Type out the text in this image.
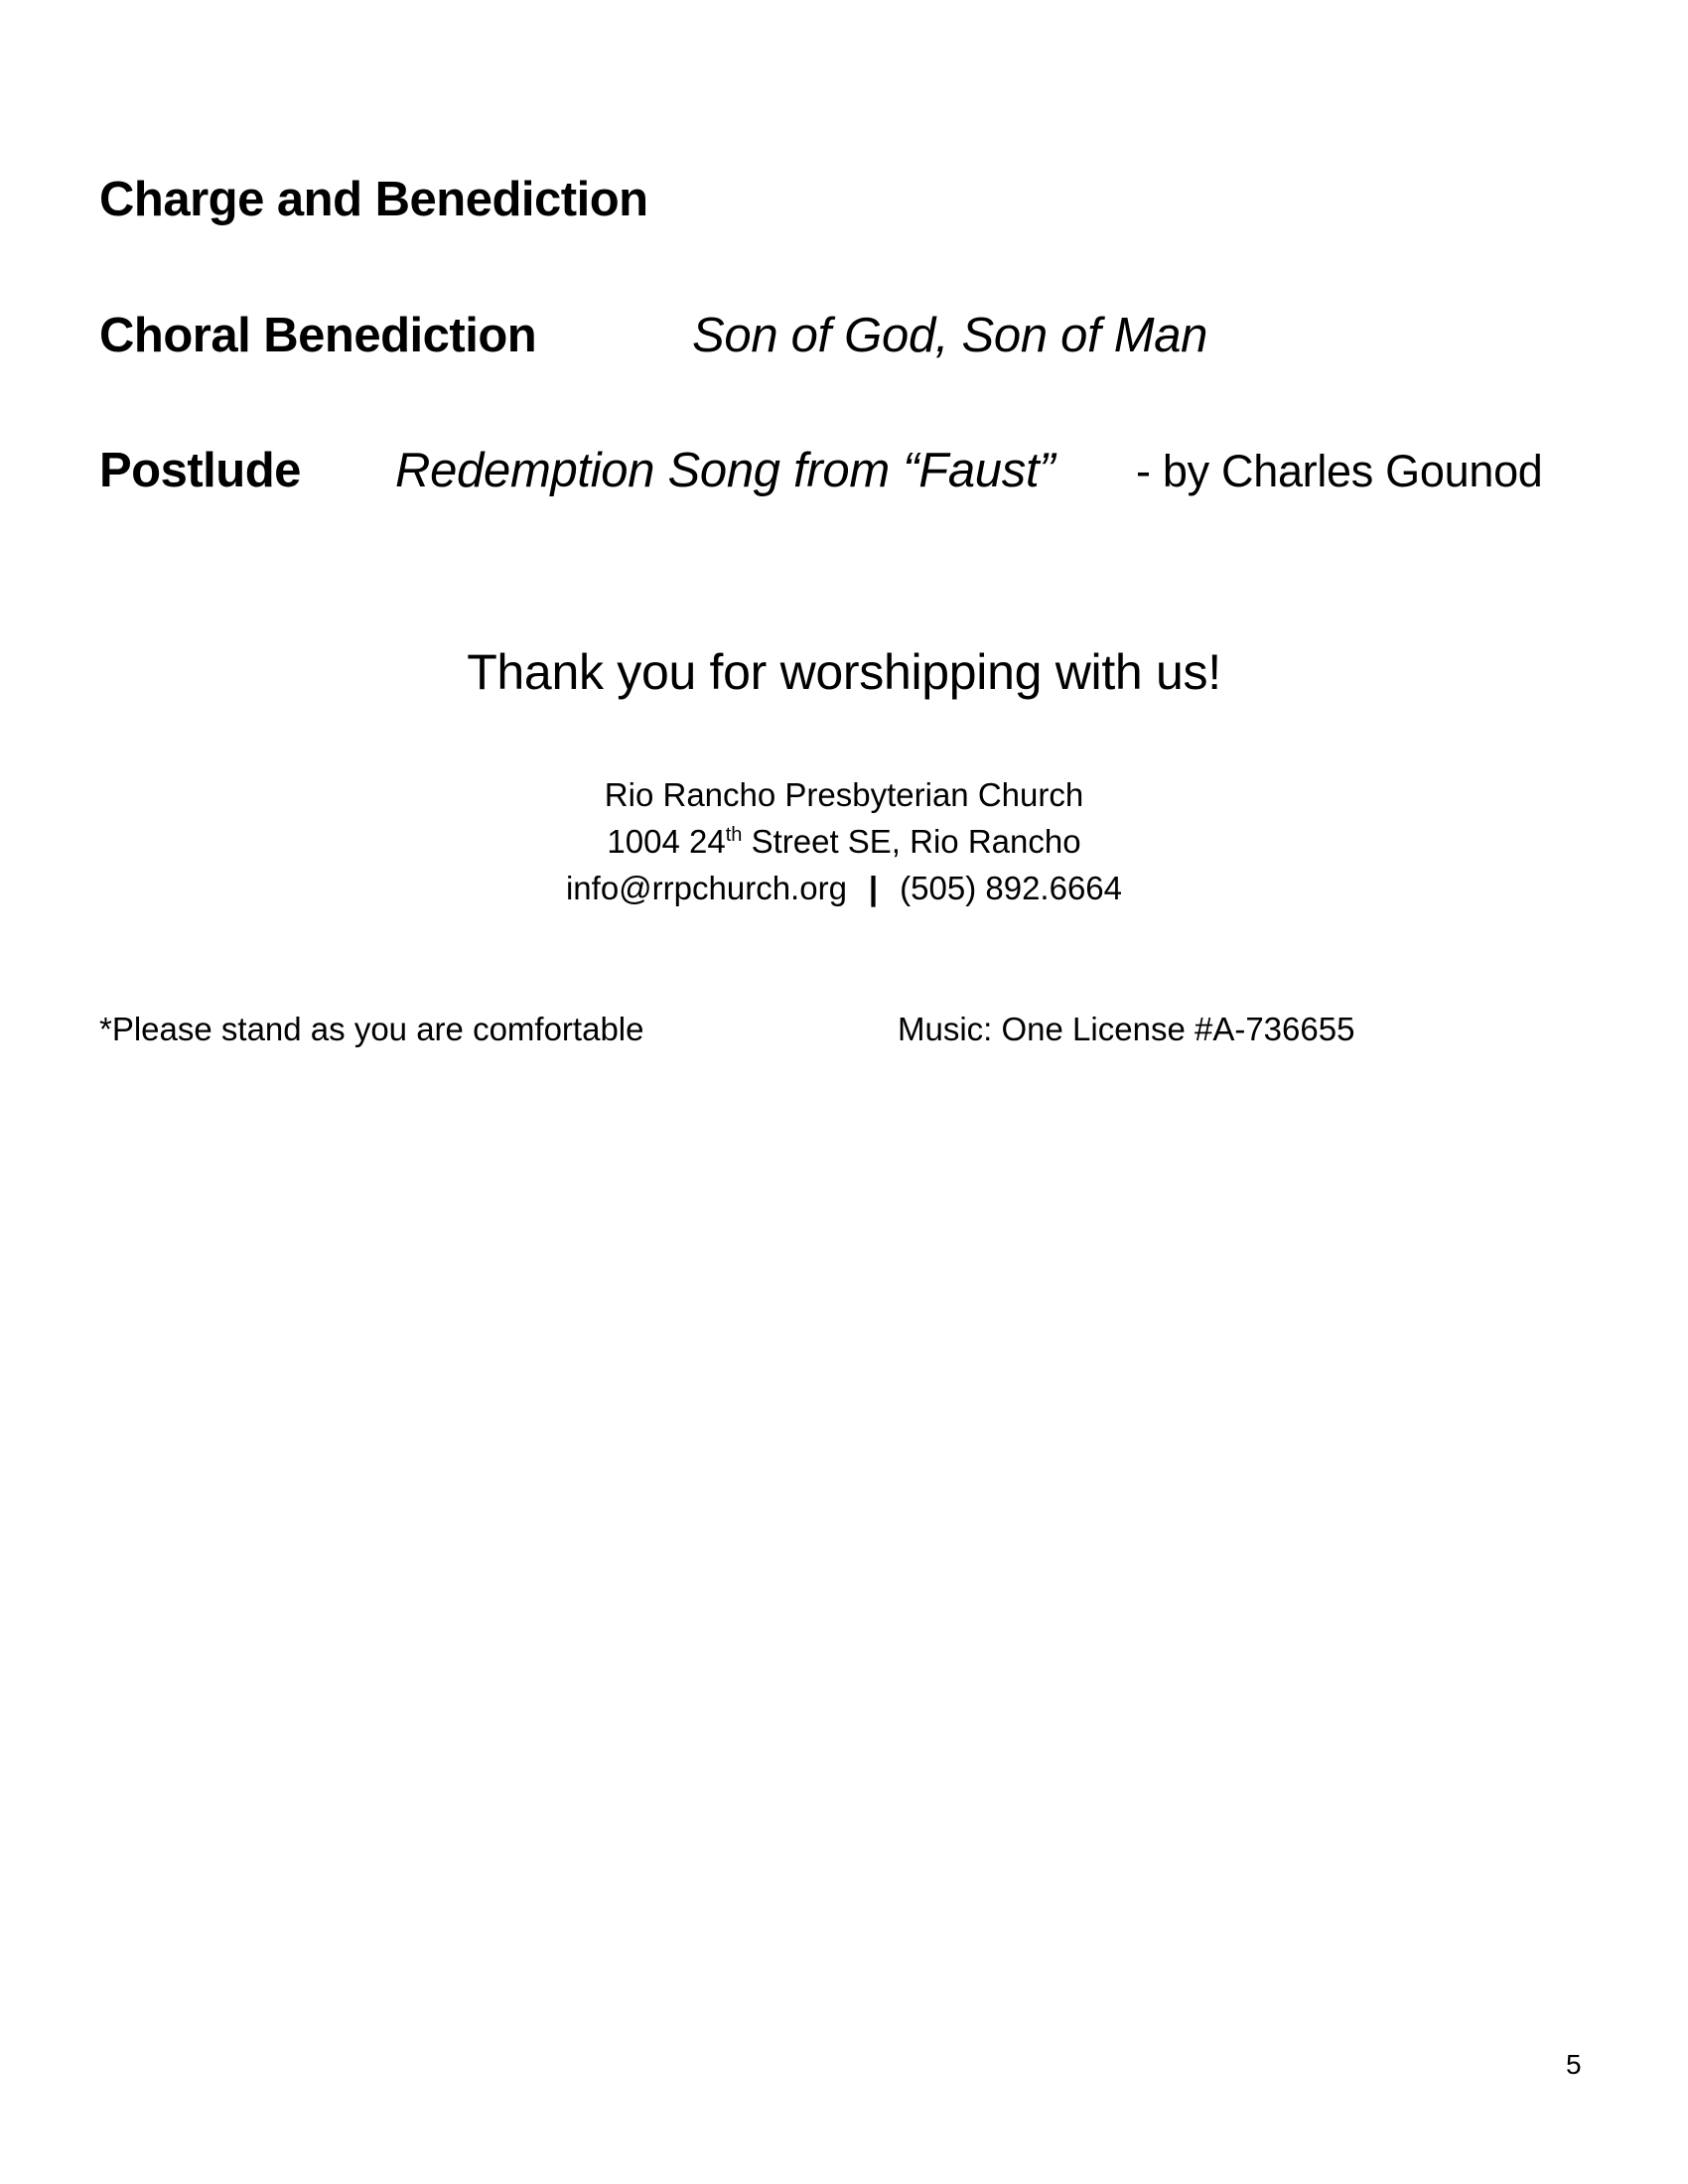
Charge and Benediction
Choral Benediction	Son of God, Son of Man
Postlude Redemption Song from “Faust” - by Charles Gounod
Thank you for worshipping with us!
Rio Rancho Presbyterian Church
1004 24th Street SE, Rio Rancho
info@rrpchurch.org | (505) 892.6664
*Please stand as you are comfortable	Music: One License #A-736655
5
